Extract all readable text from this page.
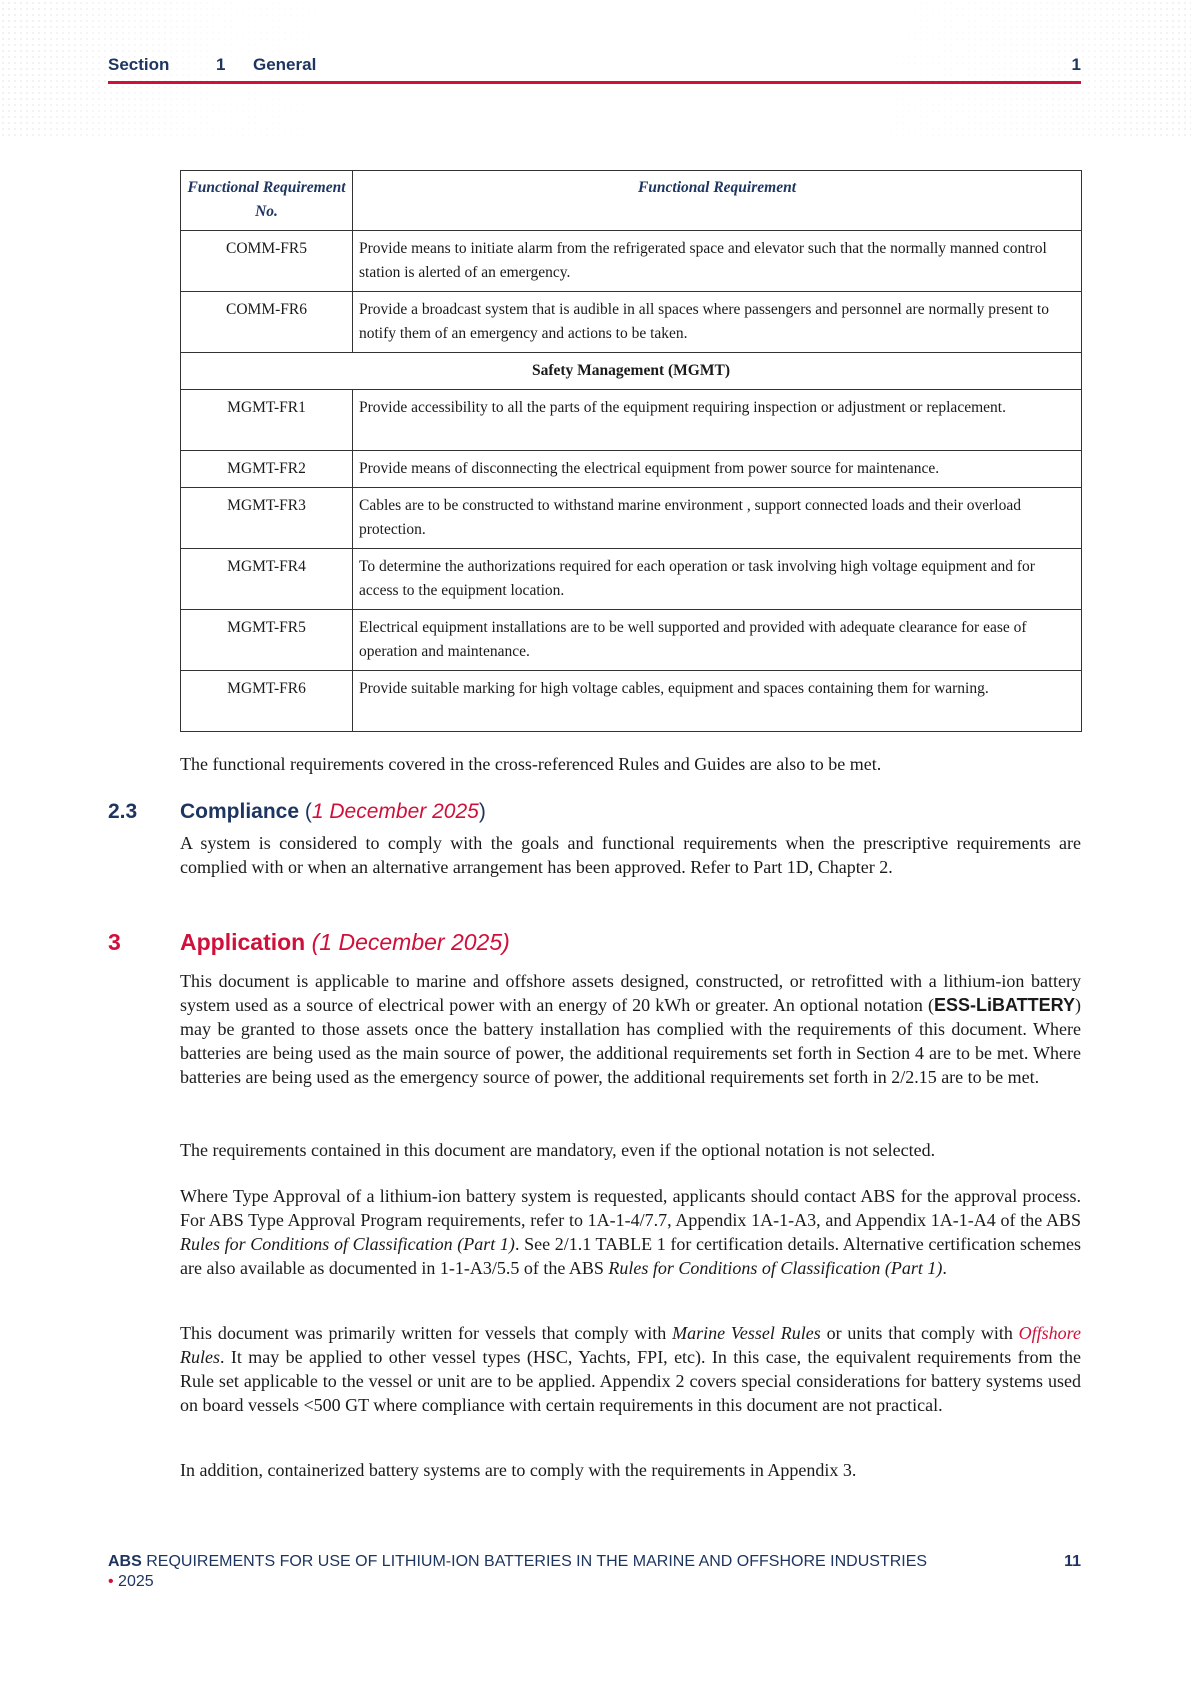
Section	1 General	1
Functional Requirement No.	Functional Requirement
COMM-FR5	Provide means to initiate alarm from the refrigerated space and elevator such that the normally manned control station is alerted of an emergency.
COMM-FR6	Provide a broadcast system that is audible in all spaces where passengers and personnel are normally present to notify them of an emergency and actions to be taken.
Safety Management (MGMT)	
MGMT-FR1	Provide accessibility to all the parts of the equipment requiring inspection or adjustment or replacement.
MGMT-FR2	Provide means of disconnecting the electrical equipment from power source for maintenance.
MGMT-FR3	Cables are to be constructed to withstand marine environment , support connected loads and their overload protection.
MGMT-FR4	To determine the authorizations required for each operation or task involving high voltage equipment and for access to the equipment location.
MGMT-FR5	Electrical equipment installations are to be well supported and provided with adequate clearance for ease of operation and maintenance.
MGMT-FR6	Provide suitable marking for high voltage cables, equipment and spaces containing them for warning.

The functional requirements covered in the cross-referenced Rules and Guides are also to be met.

2.3 Compliance (1 December 2025)

A system is considered to comply with the goals and functional requirements when the prescriptive requirements are complied with or when an alternative arrangement has been approved. Refer to Part 1D, Chapter 2.

3	Application (1 December 2025)

This document is applicable to marine and offshore assets designed, constructed, or retrofitted with a lithium-ion battery system used as a source of electrical power with an energy of 20 kWh or greater. An optional notation (ESS-LiBATTERY) may be granted to those assets once the battery installation has complied with the requirements of this document. Where batteries are being used as the main source of power, the additional requirements set forth in Section 4 are to be met. Where batteries are being used as the emergency source of power, the additional requirements set forth in 2/2.15 are to be met.

The requirements contained in this document are mandatory, even if the optional notation is not selected.

Where Type Approval of a lithium-ion battery system is requested, applicants should contact ABS for the approval process. For ABS Type Approval Program requirements, refer to 1A-1-4/7.7, Appendix 1A-1-A3, and Appendix 1A-1-A4 of the ABS Rules for Conditions of Classification (Part 1). See 2/1.1 TABLE 1 for certification details. Alternative certification schemes are also available as documented in 1-1-A3/5.5 of the ABS Rules for Conditions of Classification (Part 1).

This document was primarily written for vessels that comply with Marine Vessel Rules or units that comply with Offshore Rules. It may be applied to other vessel types (HSC, Yachts, FPI, etc). In this case, the equivalent requirements from the Rule set applicable to the vessel or unit are to be applied. Appendix 2 covers special considerations for battery systems used on board vessels <500 GT where compliance with certain requirements in this document are not practical.

In addition, containerized battery systems are to comply with the requirements in Appendix 3.

ABS REQUIREMENTS FOR USE OF LITHIUM-ION BATTERIES IN THE MARINE AND OFFSHORE INDUSTRIES • 2025
11
